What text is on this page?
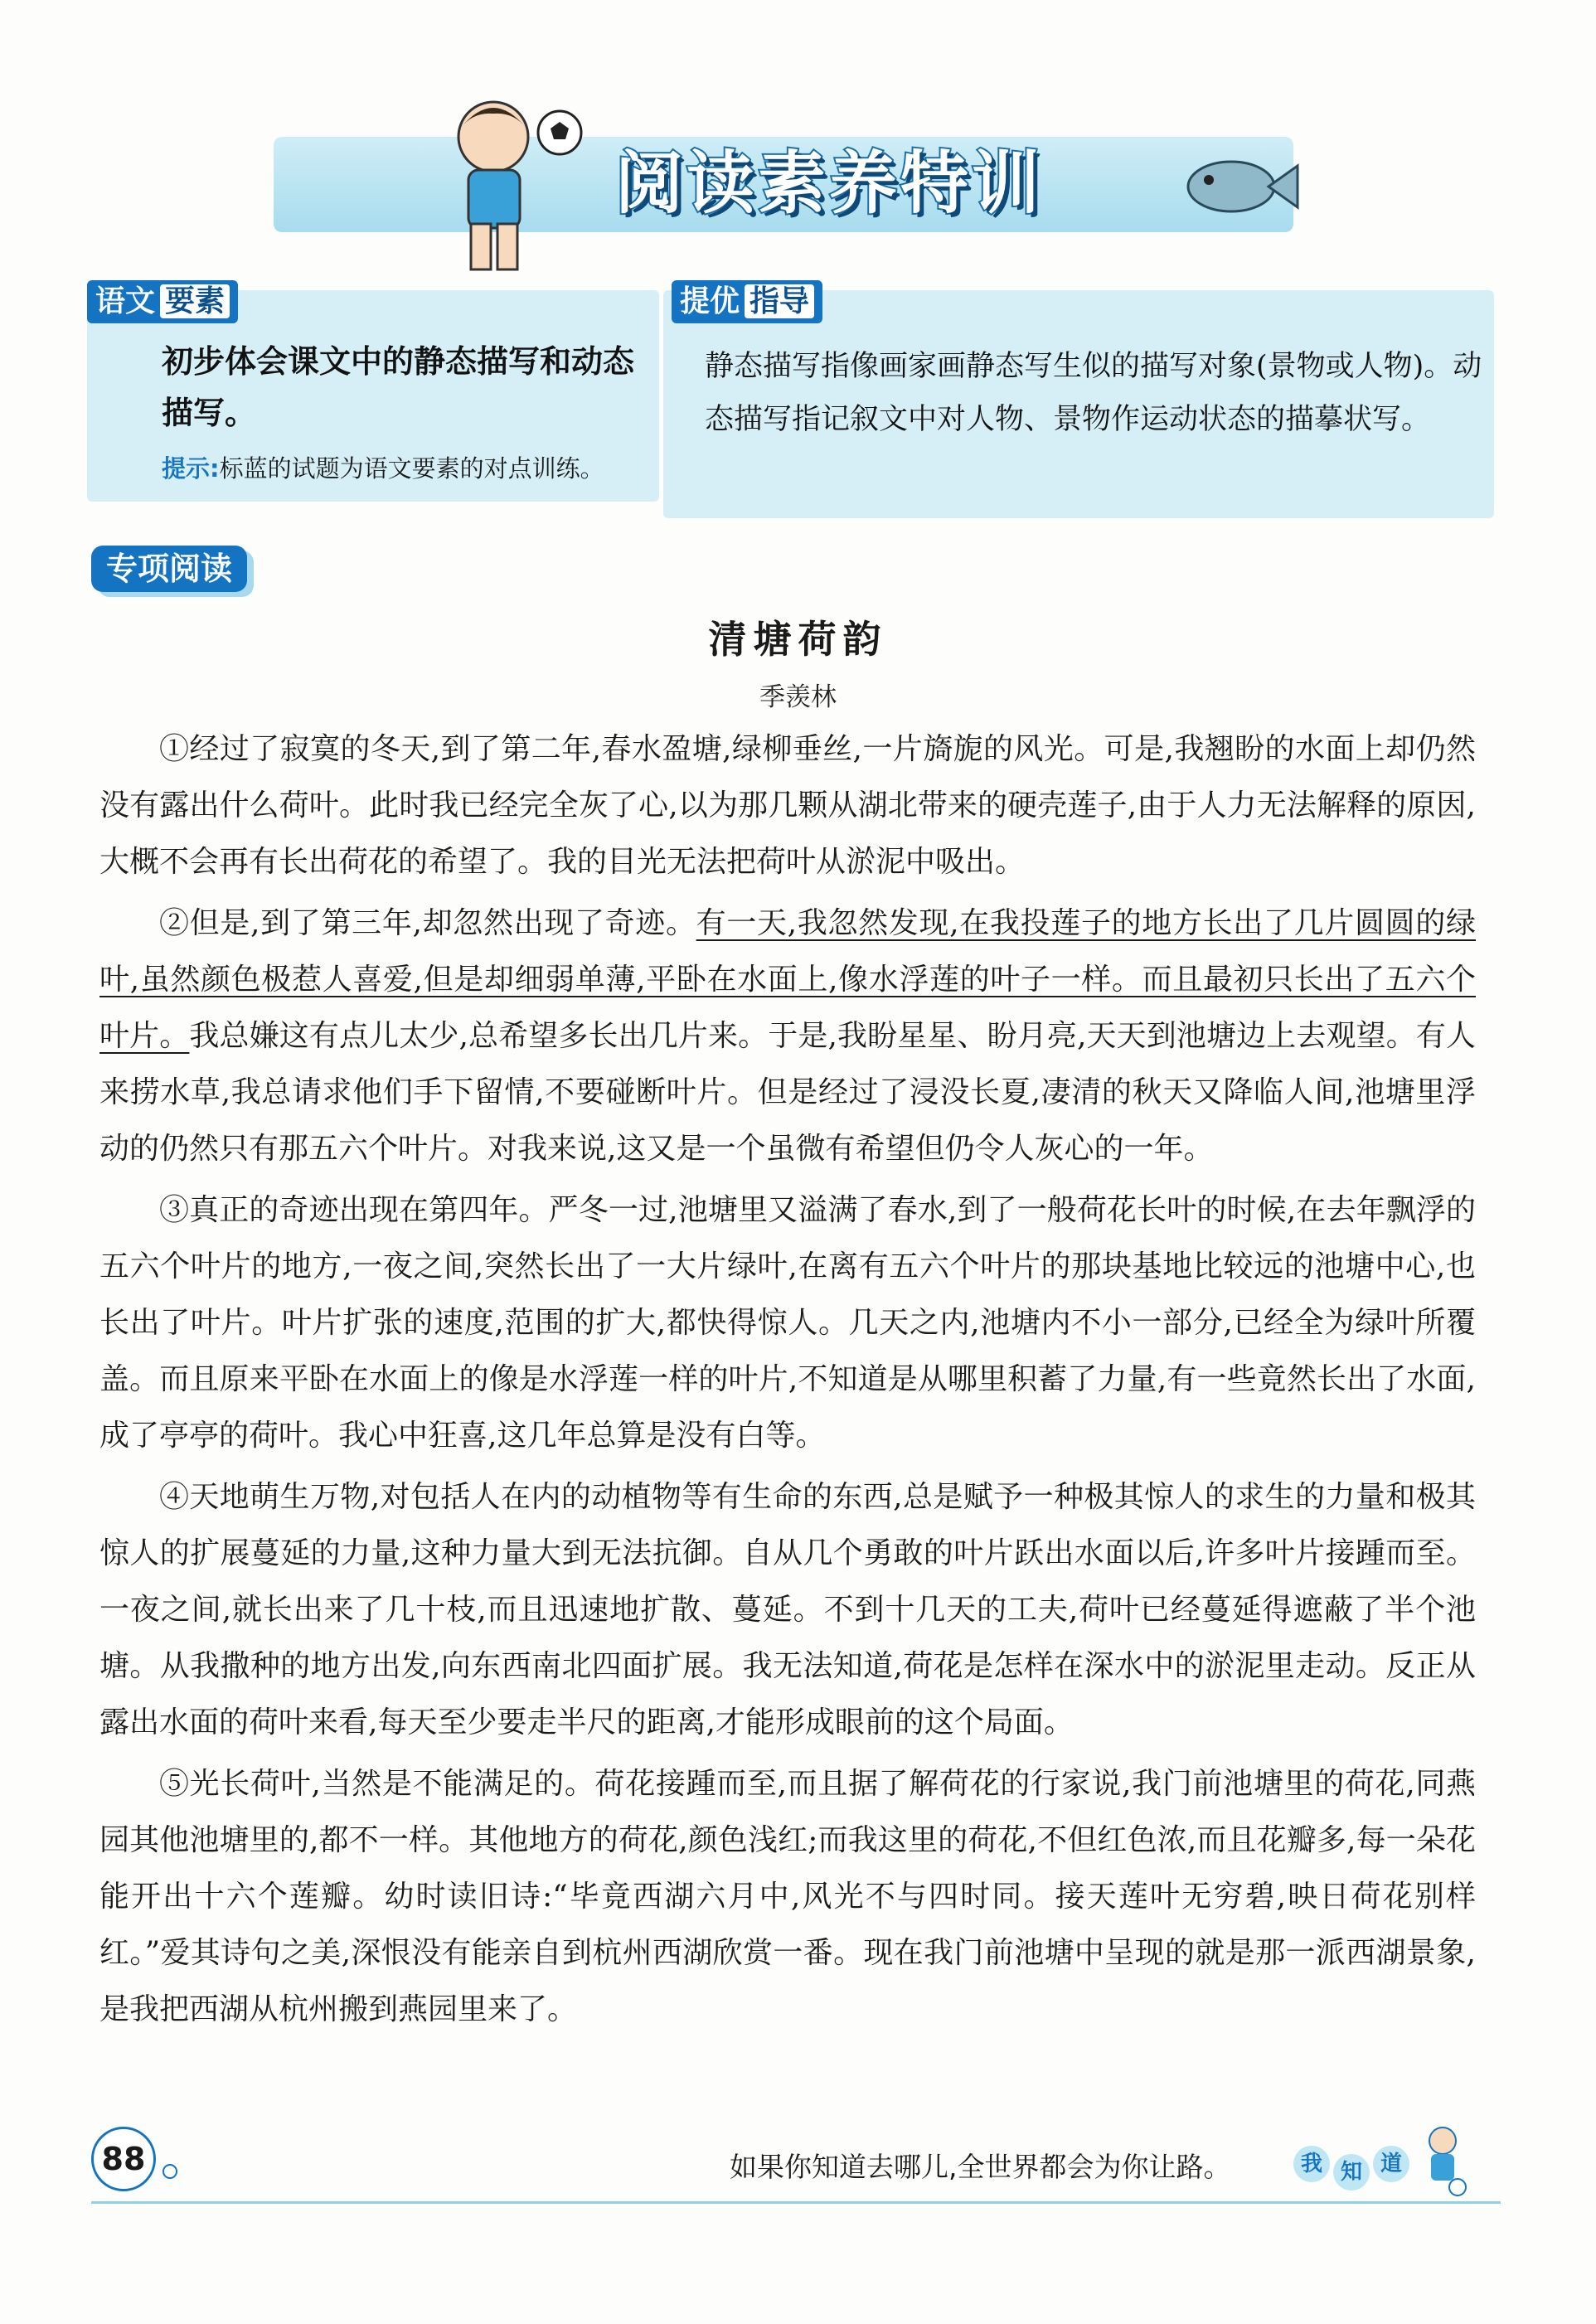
阅读素养特训
语文 要素
初步体会课文中的静态描写和动态描写。
提示:标蓝的试题为语文要素的对点训练。
提优 指导
静态描写指像画家画静态写生似的描写对象(景物或人物)。动态描写指记叙文中对人物、景物作运动状态的描摹状写。
专项阅读
清塘荷韵
季羡林

①经过了寂寞的冬天,到了第二年,春水盈塘,绿柳垂丝,一片旖旎的风光。可是,我翘盼的水面上却仍然没有露出什么荷叶。此时我已经完全灰了心,以为那几颗从湖北带来的硬壳莲子,由于人力无法解释的原因,大概不会再有长出荷花的希望了。我的目光无法把荷叶从淤泥中吸出。

②但是,到了第三年,却忽然出现了奇迹。有一天,我忽然发现,在我投莲子的地方长出了几片圆圆的绿叶,虽然颜色极惹人喜爱,但是却细弱单薄,平卧在水面上,像水浮莲的叶子一样。而且最初只长出了五六个叶片。我总嫌这有点儿太少,总希望多长出几片来。于是,我盼星星、盼月亮,天天到池塘边上去观望。有人来捞水草,我总请求他们手下留情,不要碰断叶片。但是经过了浸没长夏,凄清的秋天又降临人间,池塘里浮动的仍然只有那五六个叶片。对我来说,这又是一个虽微有希望但仍令人灰心的一年。

③真正的奇迹出现在第四年。严冬一过,池塘里又溢满了春水,到了一般荷花长叶的时候,在去年飘浮的五六个叶片的地方,一夜之间,突然长出了一大片绿叶,在离有五六个叶片的那块基地比较远的池塘中心,也长出了叶片。叶片扩张的速度,范围的扩大,都快得惊人。几天之内,池塘内不小一部分,已经全为绿叶所覆盖。而且原来平卧在水面上的像是水浮莲一样的叶片,不知道是从哪里积蓄了力量,有一些竟然长出了水面,成了亭亭的荷叶。我心中狂喜,这几年总算是没有白等。

④天地萌生万物,对包括人在内的动植物等有生命的东西,总是赋予一种极其惊人的求生的力量和极其惊人的扩展蔓延的力量,这种力量大到无法抗御。自从几个勇敢的叶片跃出水面以后,许多叶片接踵而至。一夜之间,就长出来了几十枝,而且迅速地扩散、蔓延。不到十几天的工夫,荷叶已经蔓延得遮蔽了半个池塘。从我撒种的地方出发,向东西南北四面扩展。我无法知道,荷花是怎样在深水中的淤泥里走动。反正从露出水面的荷叶来看,每天至少要走半尺的距离,才能形成眼前的这个局面。

⑤光长荷叶,当然是不能满足的。荷花接踵而至,而且据了解荷花的行家说,我门前池塘里的荷花,同燕园其他池塘里的,都不一样。其他地方的荷花,颜色浅红;而我这里的荷花,不但红色浓,而且花瓣多,每一朵花能开出十六个莲瓣。幼时读旧诗:“毕竟西湖六月中,风光不与四时同。接天莲叶无穷碧,映日荷花别样红。”爱其诗句之美,深恨没有能亲自到杭州西湖欣赏一番。现在我门前池塘中呈现的就是那一派西湖景象,是我把西湖从杭州搬到燕园里来了。

88	如果你知道去哪儿,全世界都会为你让路。	我 知 道
